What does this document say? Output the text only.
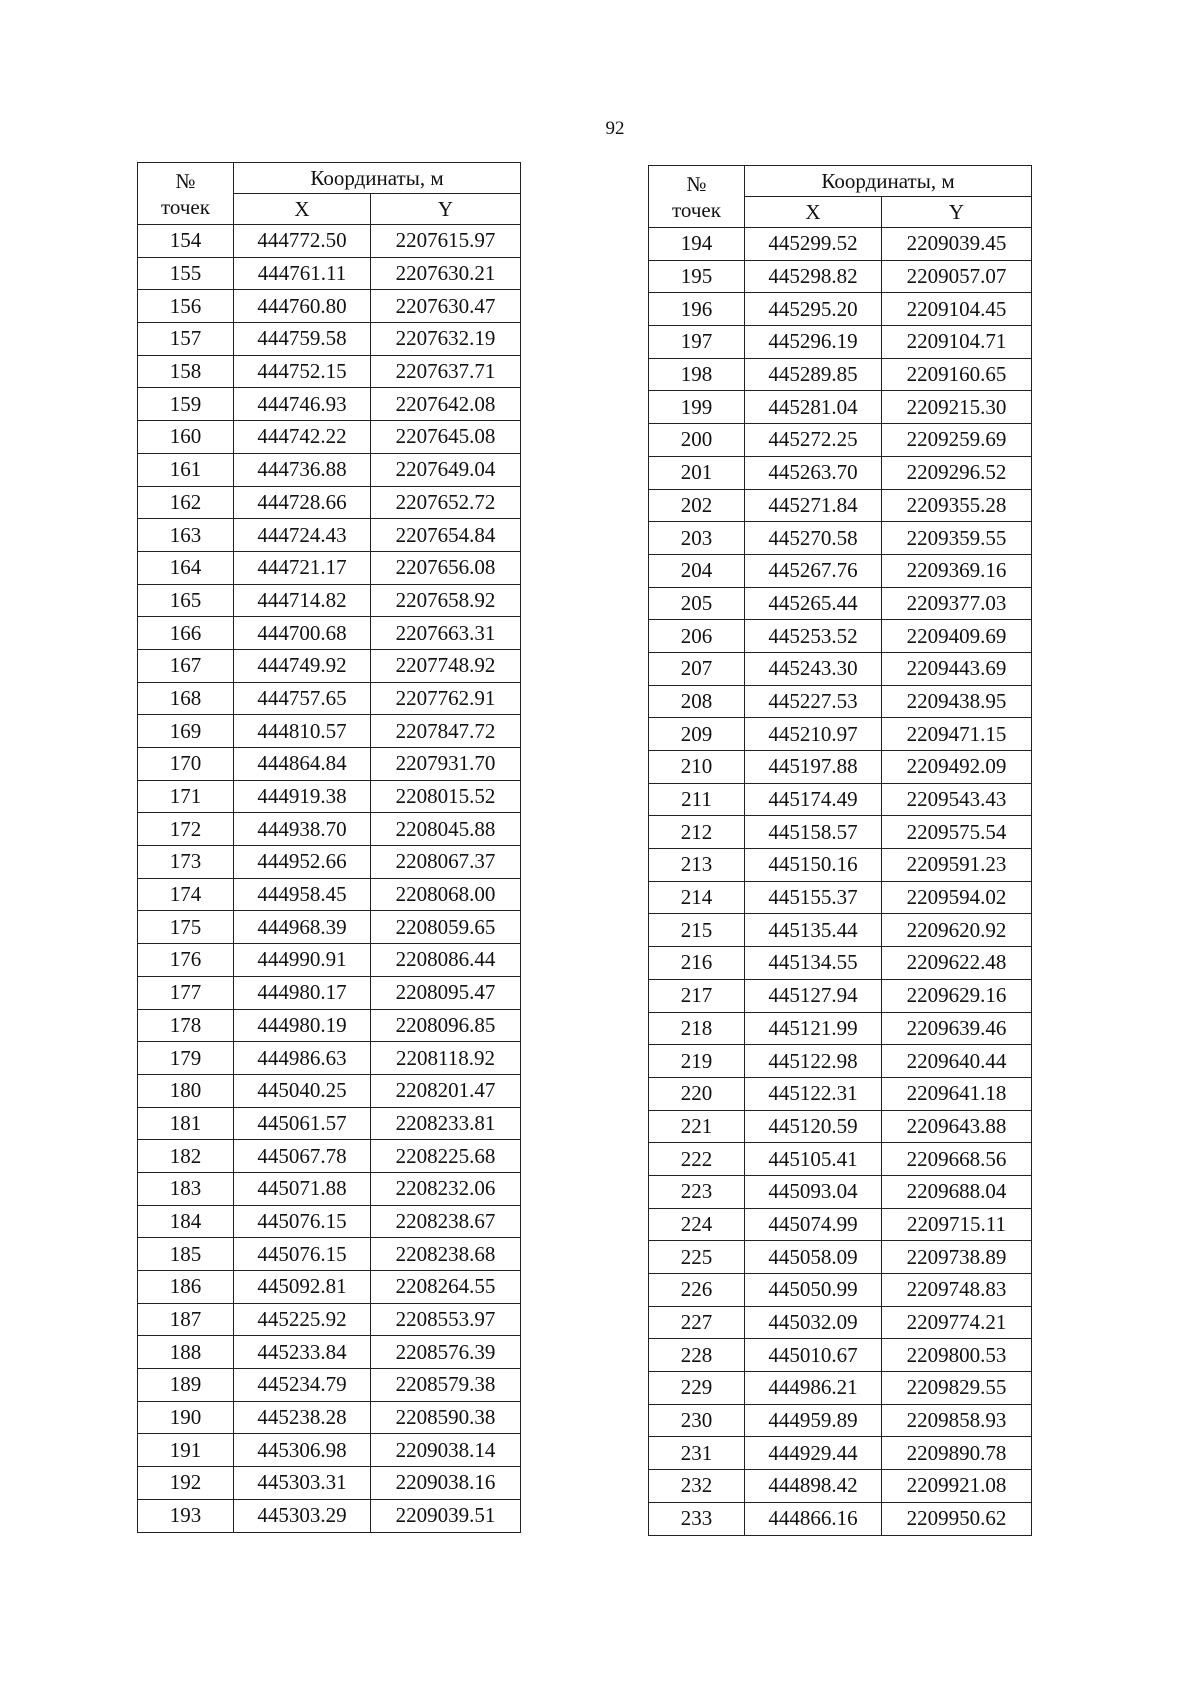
92
№
точек	Координаты, м	
	X	Y
154	444772.50	2207615.97
155	444761.11	2207630.21
156	444760.80	2207630.47
157	444759.58	2207632.19
158	444752.15	2207637.71
159	444746.93	2207642.08
160	444742.22	2207645.08
161	444736.88	2207649.04
162	444728.66	2207652.72
163	444724.43	2207654.84
164	444721.17	2207656.08
165	444714.82	2207658.92
166	444700.68	2207663.31
167	444749.92	2207748.92
168	444757.65	2207762.91
169	444810.57	2207847.72
170	444864.84	2207931.70
171	444919.38	2208015.52
172	444938.70	2208045.88
173	444952.66	2208067.37
174	444958.45	2208068.00
175	444968.39	2208059.65
176	444990.91	2208086.44
177	444980.17	2208095.47
178	444980.19	2208096.85
179	444986.63	2208118.92
180	445040.25	2208201.47
181	445061.57	2208233.81
182	445067.78	2208225.68
183	445071.88	2208232.06
184	445076.15	2208238.67
185	445076.15	2208238.68
186	445092.81	2208264.55
187	445225.92	2208553.97
188	445233.84	2208576.39
189	445234.79	2208579.38
190	445238.28	2208590.38
191	445306.98	2209038.14
192	445303.31	2209038.16
193	445303.29	2209039.51
№
точек	Координаты, м	
	X	Y
194	445299.52	2209039.45
195	445298.82	2209057.07
196	445295.20	2209104.45
197	445296.19	2209104.71
198	445289.85	2209160.65
199	445281.04	2209215.30
200	445272.25	2209259.69
201	445263.70	2209296.52
202	445271.84	2209355.28
203	445270.58	2209359.55
204	445267.76	2209369.16
205	445265.44	2209377.03
206	445253.52	2209409.69
207	445243.30	2209443.69
208	445227.53	2209438.95
209	445210.97	2209471.15
210	445197.88	2209492.09
211	445174.49	2209543.43
212	445158.57	2209575.54
213	445150.16	2209591.23
214	445155.37	2209594.02
215	445135.44	2209620.92
216	445134.55	2209622.48
217	445127.94	2209629.16
218	445121.99	2209639.46
219	445122.98	2209640.44
220	445122.31	2209641.18
221	445120.59	2209643.88
222	445105.41	2209668.56
223	445093.04	2209688.04
224	445074.99	2209715.11
225	445058.09	2209738.89
226	445050.99	2209748.83
227	445032.09	2209774.21
228	445010.67	2209800.53
229	444986.21	2209829.55
230	444959.89	2209858.93
231	444929.44	2209890.78
232	444898.42	2209921.08
233	444866.16	2209950.62
